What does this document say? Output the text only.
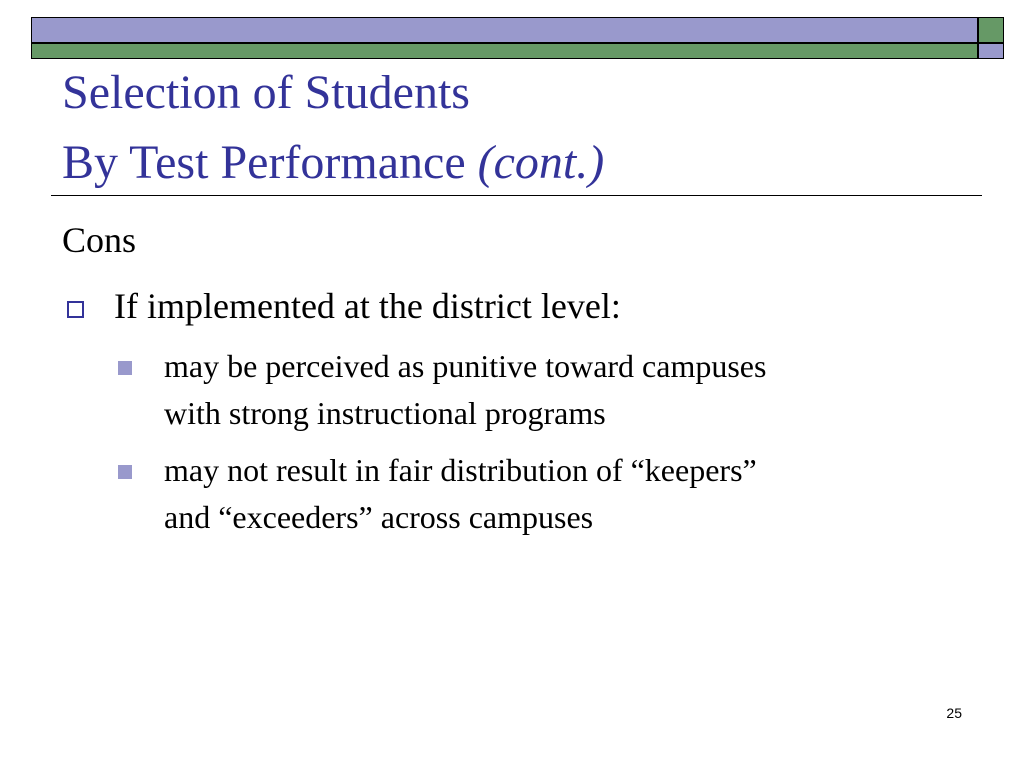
Selection of Students
By Test Performance (cont.)
Cons
If implemented at the district level:
may be perceived as punitive toward campuses
with strong instructional programs
may not result in fair distribution of “keepers”
and “exceeders” across campuses
25
